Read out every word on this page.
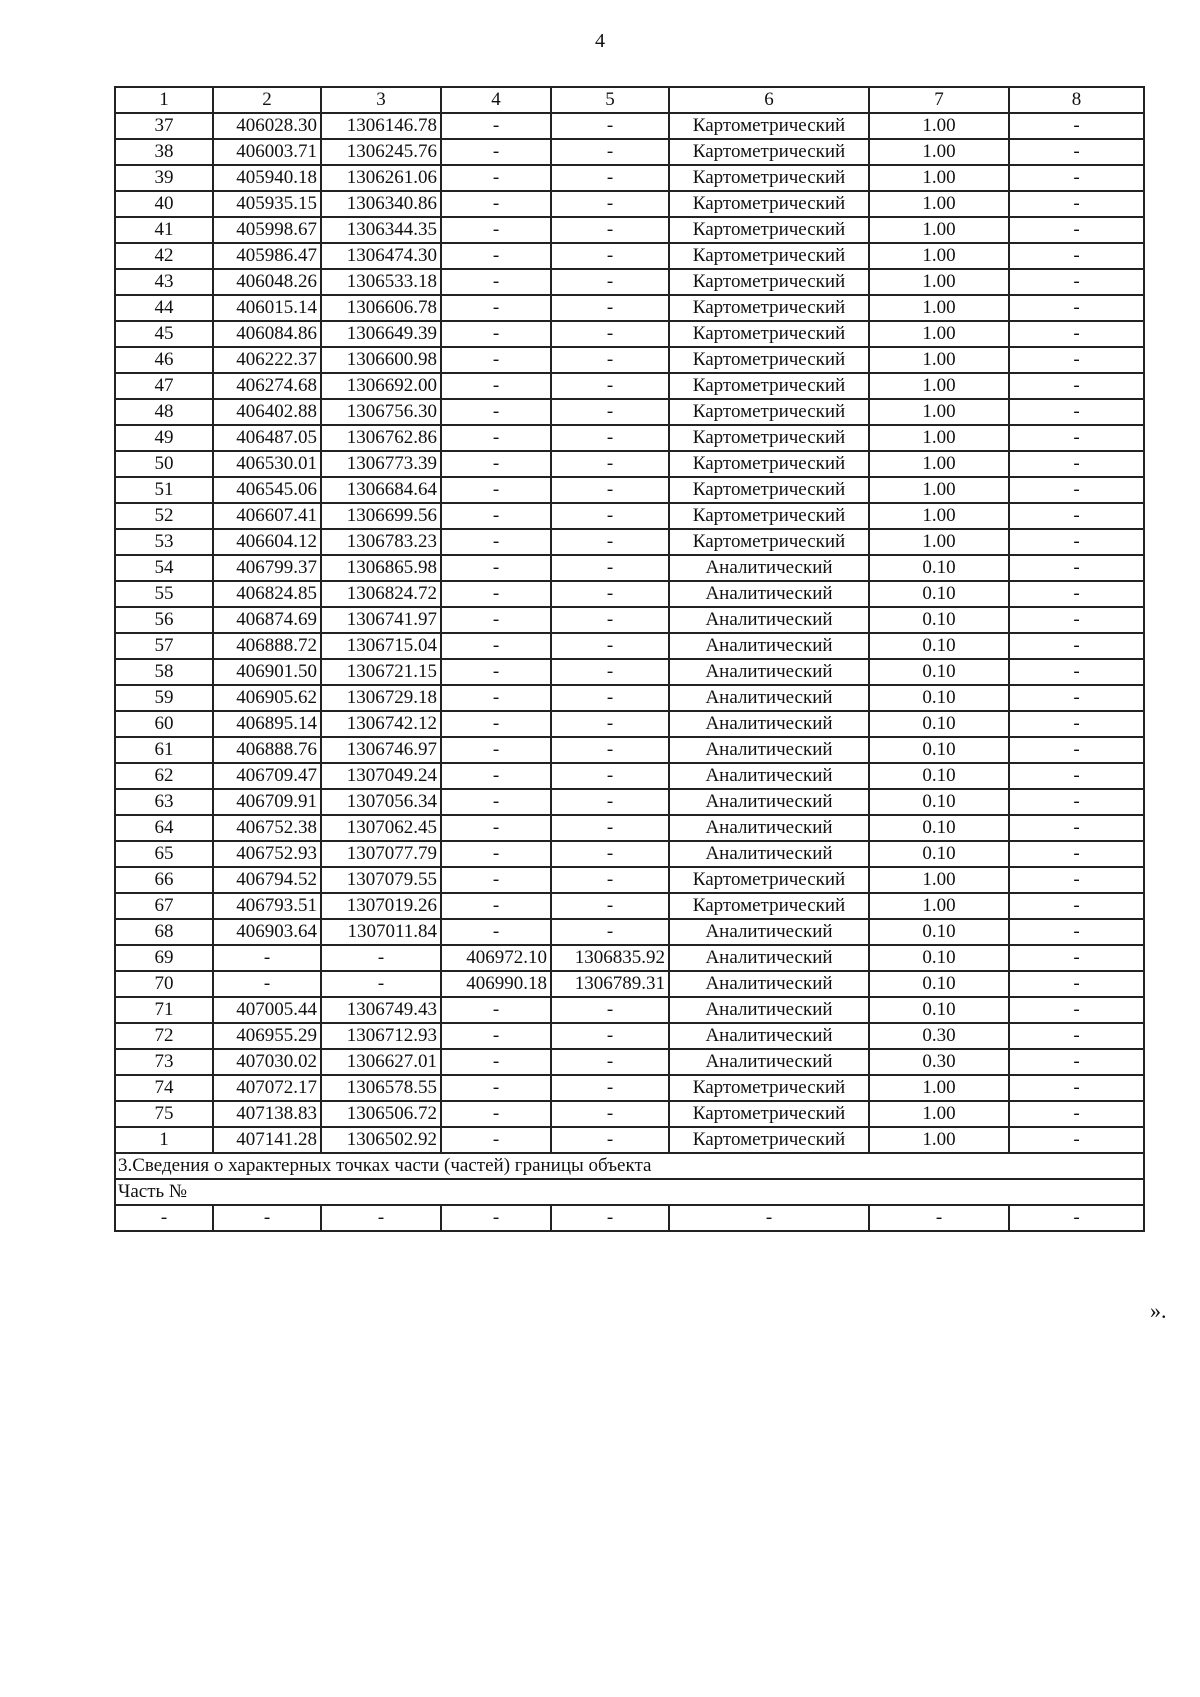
4
1	2	3	4	5	6	7	8
37	406028.30	1306146.78	-	-	Картометрический	1.00	-
38	406003.71	1306245.76	-	-	Картометрический	1.00	-
39	405940.18	1306261.06	-	-	Картометрический	1.00	-
40	405935.15	1306340.86	-	-	Картометрический	1.00	-
41	405998.67	1306344.35	-	-	Картометрический	1.00	-
42	405986.47	1306474.30	-	-	Картометрический	1.00	-
43	406048.26	1306533.18	-	-	Картометрический	1.00	-
44	406015.14	1306606.78	-	-	Картометрический	1.00	-
45	406084.86	1306649.39	-	-	Картометрический	1.00	-
46	406222.37	1306600.98	-	-	Картометрический	1.00	-
47	406274.68	1306692.00	-	-	Картометрический	1.00	-
48	406402.88	1306756.30	-	-	Картометрический	1.00	-
49	406487.05	1306762.86	-	-	Картометрический	1.00	-
50	406530.01	1306773.39	-	-	Картометрический	1.00	-
51	406545.06	1306684.64	-	-	Картометрический	1.00	-
52	406607.41	1306699.56	-	-	Картометрический	1.00	-
53	406604.12	1306783.23	-	-	Картометрический	1.00	-
54	406799.37	1306865.98	-	-	Аналитический	0.10	-
55	406824.85	1306824.72	-	-	Аналитический	0.10	-
56	406874.69	1306741.97	-	-	Аналитический	0.10	-
57	406888.72	1306715.04	-	-	Аналитический	0.10	-
58	406901.50	1306721.15	-	-	Аналитический	0.10	-
59	406905.62	1306729.18	-	-	Аналитический	0.10	-
60	406895.14	1306742.12	-	-	Аналитический	0.10	-
61	406888.76	1306746.97	-	-	Аналитический	0.10	-
62	406709.47	1307049.24	-	-	Аналитический	0.10	-
63	406709.91	1307056.34	-	-	Аналитический	0.10	-
64	406752.38	1307062.45	-	-	Аналитический	0.10	-
65	406752.93	1307077.79	-	-	Аналитический	0.10	-
66	406794.52	1307079.55	-	-	Картометрический	1.00	-
67	406793.51	1307019.26	-	-	Картометрический	1.00	-
68	406903.64	1307011.84	-	-	Аналитический	0.10	-
69	-	-	406972.10	1306835.92	Аналитический	0.10	-
70	-	-	406990.18	1306789.31	Аналитический	0.10	-
71	407005.44	1306749.43	-	-	Аналитический	0.10	-
72	406955.29	1306712.93	-	-	Аналитический	0.30	-
73	407030.02	1306627.01	-	-	Аналитический	0.30	-
74	407072.17	1306578.55	-	-	Картометрический	1.00	-
75	407138.83	1306506.72	-	-	Картометрический	1.00	-
1	407141.28	1306502.92	-	-	Картометрический	1.00	-
3.Сведения о характерных точках части (частей) границы объекта							
Часть №							
-	-	-	-	-	-	-	-
».
